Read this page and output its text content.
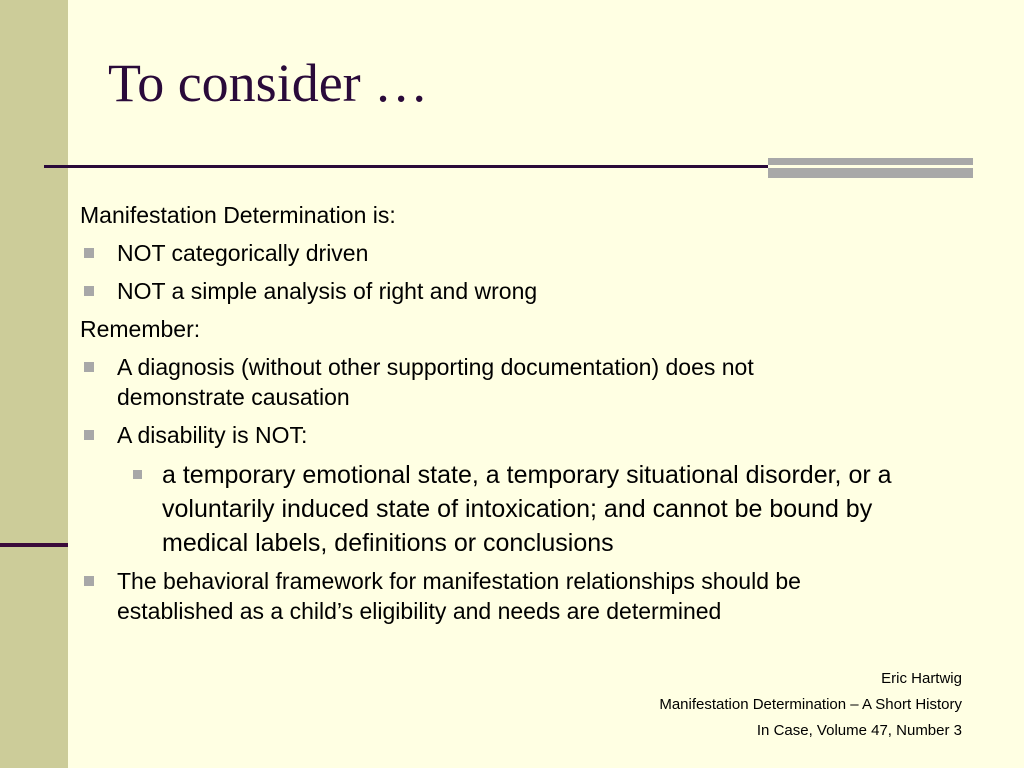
To consider …

Manifestation Determination is:

NOT categorically driven
NOT a simple analysis of right and wrong

Remember:

A diagnosis (without other supporting documentation) does not
demonstrate causation
A disability is NOT:
a temporary emotional state, a temporary situational disorder, or a voluntarily induced state of intoxication; and cannot be bound by medical labels, definitions or conclusions
The behavioral framework for manifestation relationships should be
established as a child’s eligibility and needs are determined
Eric Hartwig
Manifestation Determination – A Short History
In Case, Volume 47, Number 3
